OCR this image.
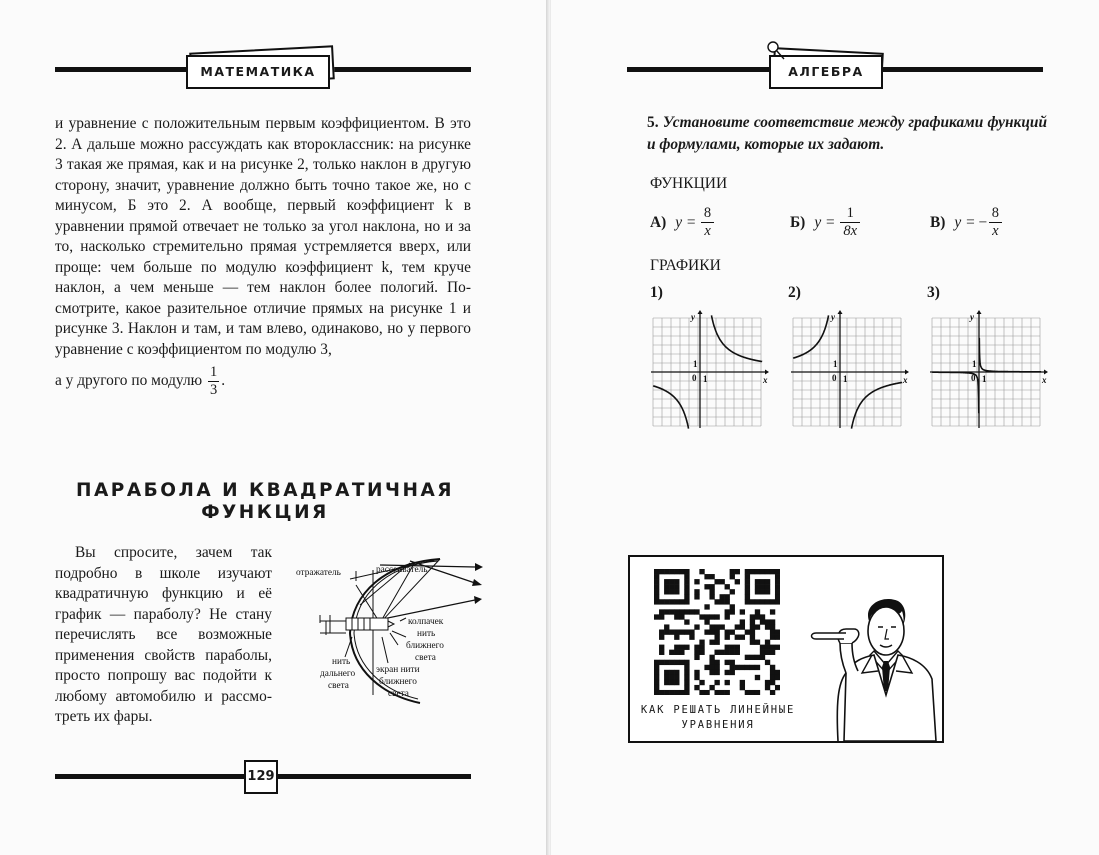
МАТЕМАТИКА

и уравнение с положительным первым коэффициентом. В это 2. А дальше можно рассуждать как второклассник: на рисунке 3 такая же прямая, как и на рисунке 2, только наклон в другую сторону, значит, уравнение должно быть точно такое же, но с минусом, Б это 2. А вообще, первый коэффициент k в уравнении прямой отвечает не только за угол наклона, но и за то, насколько стремительно прямая устремляется вверх, или проще: чем больше по модулю коэффициент k, тем круче наклон, а чем меньше — тем наклон более пологий. Посмотрите, какое разительное отличие прямых на рисунке 1 и рисунке 3. Наклон и там, и там влево, одинаково, но у первого уравнение с коэффициентом по модулю 3,

а у другого по модулю $\frac{1}{3}$ .
ПАРАБОЛА И КВАДРАТИЧНАЯ
ФУНКЦИЯ

Вы спросите, зачем так подробно в школе изучают квадратичную функцию и её график — параболу? Не стану перечислять все возможные применения свойств параболы, просто попрошу вас подойти к любому автомобилю и рассмотреть их фары.

отражатель	рассеиватель
колпачек
нить
ближнего
света
нить
дальнего
света
экран нити
ближнего
света
129
АЛГЕБРА
5. Установите соответствие между графиками функций и формулами, которые их задают.
ФУНКЦИИ
А) $y = \frac{8}{x}$	Б) $y = \frac{1}{8x}$	В) y = − $\frac{8}{x}$
ГРАФИКИ
1)	2)	3)
x
y
0 1
1
x
y
0 1
1
x
y
0 1
1
КАК РЕШАТЬ ЛИНЕЙНЫЕ
УРАВНЕНИЯ
